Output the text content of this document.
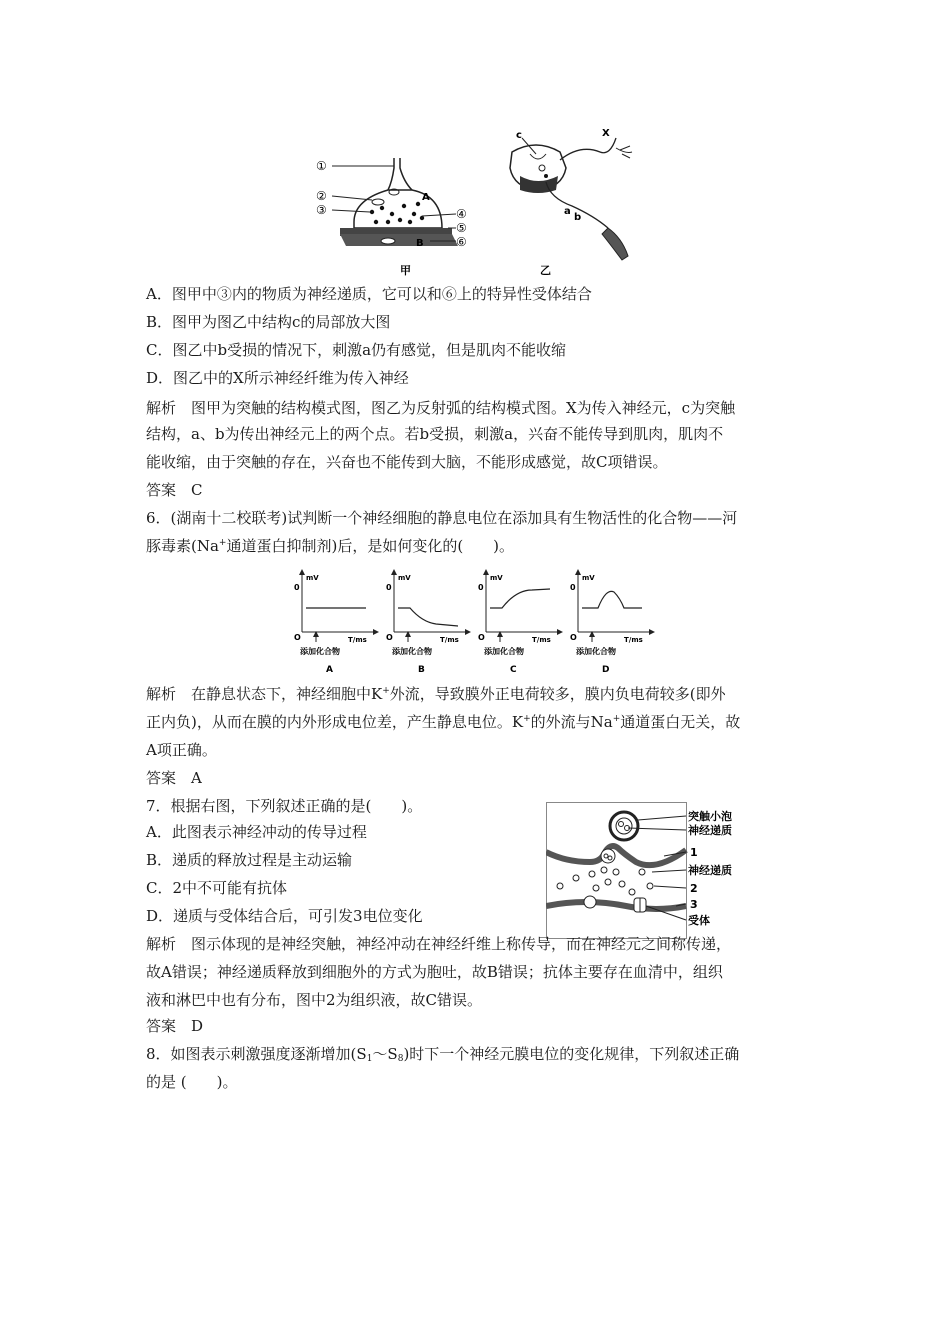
①
②
③	④
⑤
⑥
A
B
甲
c	X
a
b
乙
A．图甲中③内的物质为神经递质，它可以和⑥上的特异性受体结合
B．图甲为图乙中结构c的局部放大图
C．图乙中b受损的情况下，刺激a仍有感觉，但是肌肉不能收缩
D．图乙中的X所示神经纤维为传入神经
解析　图甲为突触的结构模式图，图乙为反射弧的结构模式图。X为传入神经元，c为突触
结构，a、b为传出神经元上的两个点。若b受损，刺激a，兴奋不能传导到肌肉，肌肉不
能收缩，由于突触的存在，兴奋也不能传到大脑，不能形成感觉，故C项错误。
答案　C
6．(湖南十二校联考)试判断一个神经细胞的静息电位在添加具有生物活性的化合物——河
豚毒素(Na+通道蛋白抑制剂)后，是如何变化的(　　)。
mV
0
O	T/ms
添加化合物
A
mV
0
O	T/ms
添加化合物
B
mV
0
O	T/ms
添加化合物
C
mV
0
O	T/ms
添加化合物
D
解析　在静息状态下，神经细胞中K+外流，导致膜外正电荷较多，膜内负电荷较多(即外
正内负)，从而在膜的内外形成电位差，产生静息电位。K+的外流与Na+通道蛋白无关，故
A项正确。
答案　A
7．根据右图，下列叙述正确的是(　　)。
A．此图表示神经冲动的传导过程
B．递质的释放过程是主动运输
C．2中不可能有抗体
D．递质与受体结合后，可引发3电位变化
突触小泡
神经递质
1
神经递质
2
3
受体
解析　图示体现的是神经突触，神经冲动在神经纤维上称传导，而在神经元之间称传递，
故A错误；神经递质释放到细胞外的方式为胞吐，故B错误；抗体主要存在血清中，组织
液和淋巴中也有分布，图中2为组织液，故C错误。
答案　D
8．如图表示刺激强度逐渐增加$(S_1\sim S_8)$时下一个神经元膜电位的变化规律，下列叙述正确
的是 (　　)。
